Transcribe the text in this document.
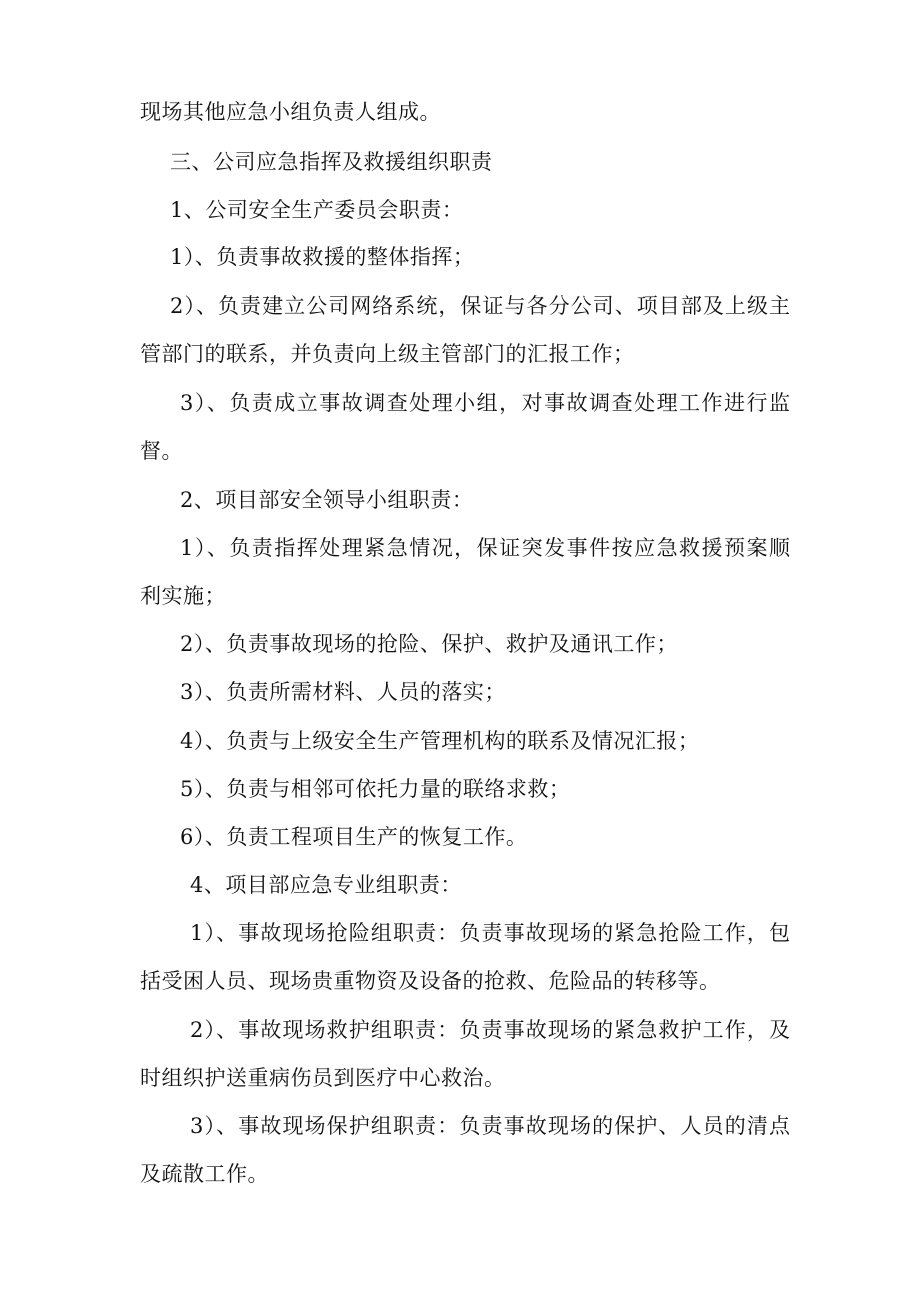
现场其他应急小组负责人组成。
三、公司应急指挥及救援组织职责
1、公司安全生产委员会职责：
1）、负责事故救援的整体指挥；
2）、负责建立公司网络系统，保证与各分公司、项目部及上级主
管部门的联系，并负责向上级主管部门的汇报工作；
3）、负责成立事故调查处理小组，对事故调查处理工作进行监
督。
2、项目部安全领导小组职责：
1）、负责指挥处理紧急情况，保证突发事件按应急救援预案顺
利实施；
2）、负责事故现场的抢险、保护、救护及通讯工作；
3）、负责所需材料、人员的落实；
4）、负责与上级安全生产管理机构的联系及情况汇报；
5）、负责与相邻可依托力量的联络求救；
6）、负责工程项目生产的恢复工作。
4、项目部应急专业组职责：
1）、事故现场抢险组职责：负责事故现场的紧急抢险工作，包
括受困人员、现场贵重物资及设备的抢救、危险品的转移等。
2）、事故现场救护组职责：负责事故现场的紧急救护工作，及
时组织护送重病伤员到医疗中心救治。
3）、事故现场保护组职责：负责事故现场的保护、人员的清点
及疏散工作。
